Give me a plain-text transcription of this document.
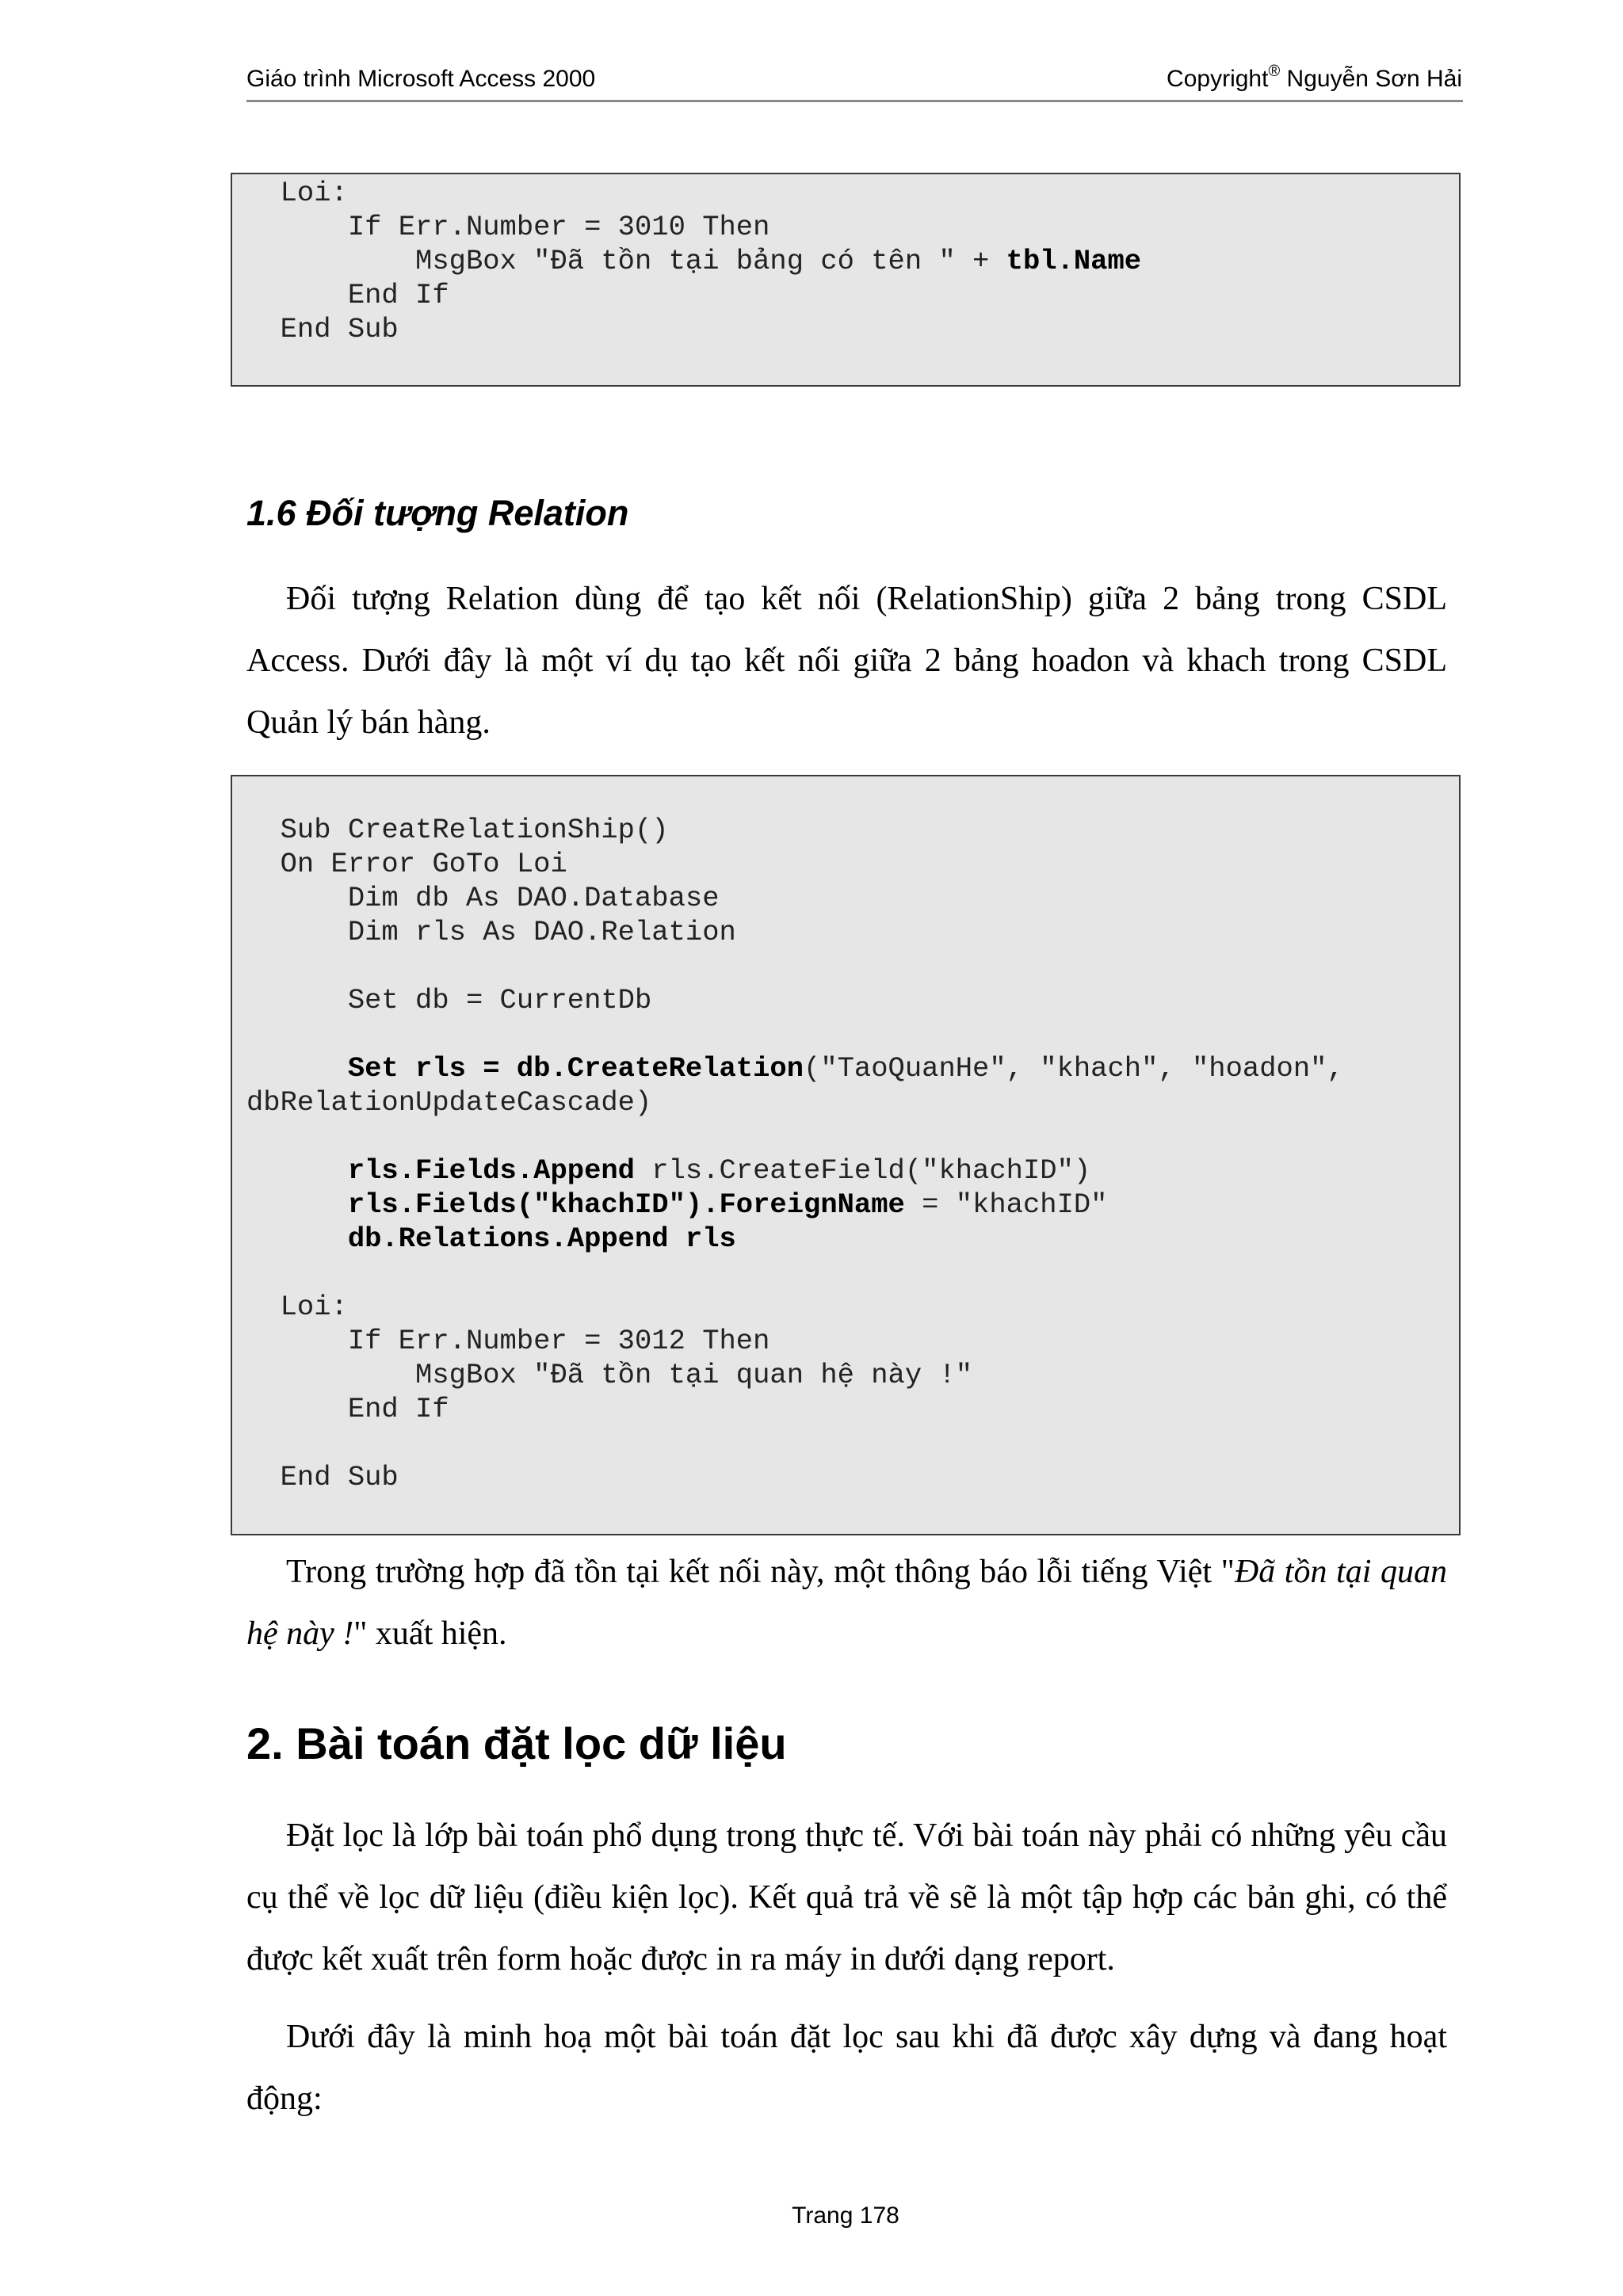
Giáo trình Microsoft Access 2000	Copyright® Nguyễn Sơn Hải
Loi:
If Err.Number = 3010 Then
MsgBox "Đã tồn tại bảng có tên " + tbl.Name
End If
End Sub
1.6 Đối tượng Relation
Đối tượng Relation dùng để tạo kết nối (RelationShip) giữa 2 bảng trong CSDL Access. Dưới đây là một ví dụ tạo kết nối giữa 2 bảng hoadon và khach trong CSDL Quản lý bán hàng.
Sub CreatRelationShip()
On Error GoTo Loi
Dim db As DAO.Database
Dim rls As DAO.Relation
Set db = CurrentDb
Set rls = db.CreateRelation("TaoQuanHe", "khach", "hoadon",
dbRelationUpdateCascade)
rls.Fields.Append rls.CreateField("khachID")
rls.Fields("khachID").ForeignName = "khachID"
db.Relations.Append rls
Loi:
If Err.Number = 3012 Then
MsgBox "Đã tồn tại quan hệ này !"
End If
End Sub
Trong trường hợp đã tồn tại kết nối này, một thông báo lỗi tiếng Việt "Đã tồn tại quan hệ này !" xuất hiện.
2. Bài toán đặt lọc dữ liệu
Đặt lọc là lớp bài toán phổ dụng trong thực tế. Với bài toán này phải có những yêu cầu cụ thể về lọc dữ liệu (điều kiện lọc). Kết quả trả về sẽ là một tập hợp các bản ghi, có thể được kết xuất trên form hoặc được in ra máy in dưới dạng report.
Dưới đây là minh hoạ một bài toán đặt lọc sau khi đã được xây dựng và đang hoạt động:
Trang 178
